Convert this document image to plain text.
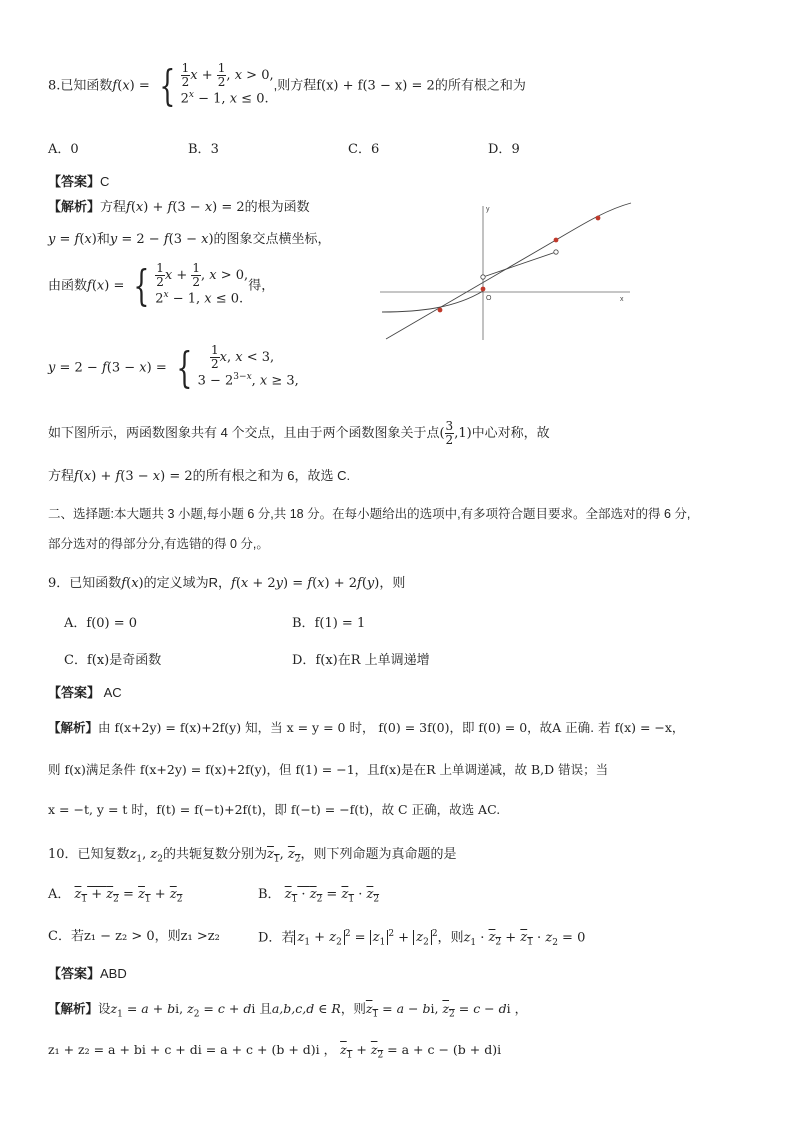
8.已知函数f(x) = { $\frac{1}{2}$ $x + \frac{1}{2}$ , x > 0,
$2^x - 1$, x ≤ 0.
,则方程f(x) + f(3 − x) = 2的所有根之和为
A．0	B．3	C．6	D．9
【答案】C
【解析】方程f(x) + f(3 − x) = 2的根为函数
y = f(x)和y = 2 − f(3 − x)的图象交点横坐标，
由函数f(x) = { $\frac{1}{2}$ $x + \frac{1}{2}$ , x > 0,
$2^x - 1$, x ≤ 0.
得，
y = 2 − f(3 − x) = {
$\frac{1}{2} x$, x < 3,
$3 - 2^{3-x}$, x ≥ 3,
x
y
O
如下图所示，两函数图象共有 4 个交点，且由于两个函数图象关于点( $\frac{3}{2} ,1$)中心对称，故
方程f(x) + f(3 − x) = 2的所有根之和为 6，故选 C.
二、选择题:本大题共 3 小题,每小题 6 分,共 18 分。在每小题给出的选项中,有多项符合题目要求。全部选对的得 6 分,
部分选对的得部分分,有选错的得 0 分,。
9．已知函数f(x)的定义域为R，f(x + 2y) = f(x) + 2f(y)，则
A．f(0) = 0	B．f(1) = 1
C．f(x)是奇函数	D．f(x)在R 上单调递增
【答案】 AC
【解析】由 f(x+2y) = f(x)+2f(y) 知，当 x = y = 0 时， f(0) = 3f(0)，即 f(0) = 0，故A 正确. 若 f(x) = −x，
则 f(x)满足条件 f(x+2y) = f(x)+2f(y)，但 f(1) = −1，且f(x)是在R 上单调递减，故 B,D 错误；当
x = −t, y = t 时，f(t) = f(−t)+2f(t)，即 f(−t) = −f(t)，故 C 正确，故选 AC.
10．已知复数$z_1$, $z_2$的共轭复数分别为$z_1$, $z_2$，则下列命题为真命题的是
A． $z_1 + z_2 = z_1 + z_2$	B． $z_1 \cdot z_2 = z_1 \cdot z_2$
C．若z₁ − z₂ > 0，则z₁ >z₂	D．若 $z_1 + z_2^2 = z_1^2 + z_2^2$，则$z_1 \cdot z_2 + z_1 \cdot z_2 = 0$
【答案】ABD
【解析】设$z_1 = a$ + bi, $z_2 = c$ + di 且a,b,c,d ∈ R，则$z_1 = a$ − bi, $z_2 = c$ − di ，
z₁ + z₂ = a + bi + c + di = a + c + (b + d)i ， $z_1 + z_2 = a + c - (b + d)i$
